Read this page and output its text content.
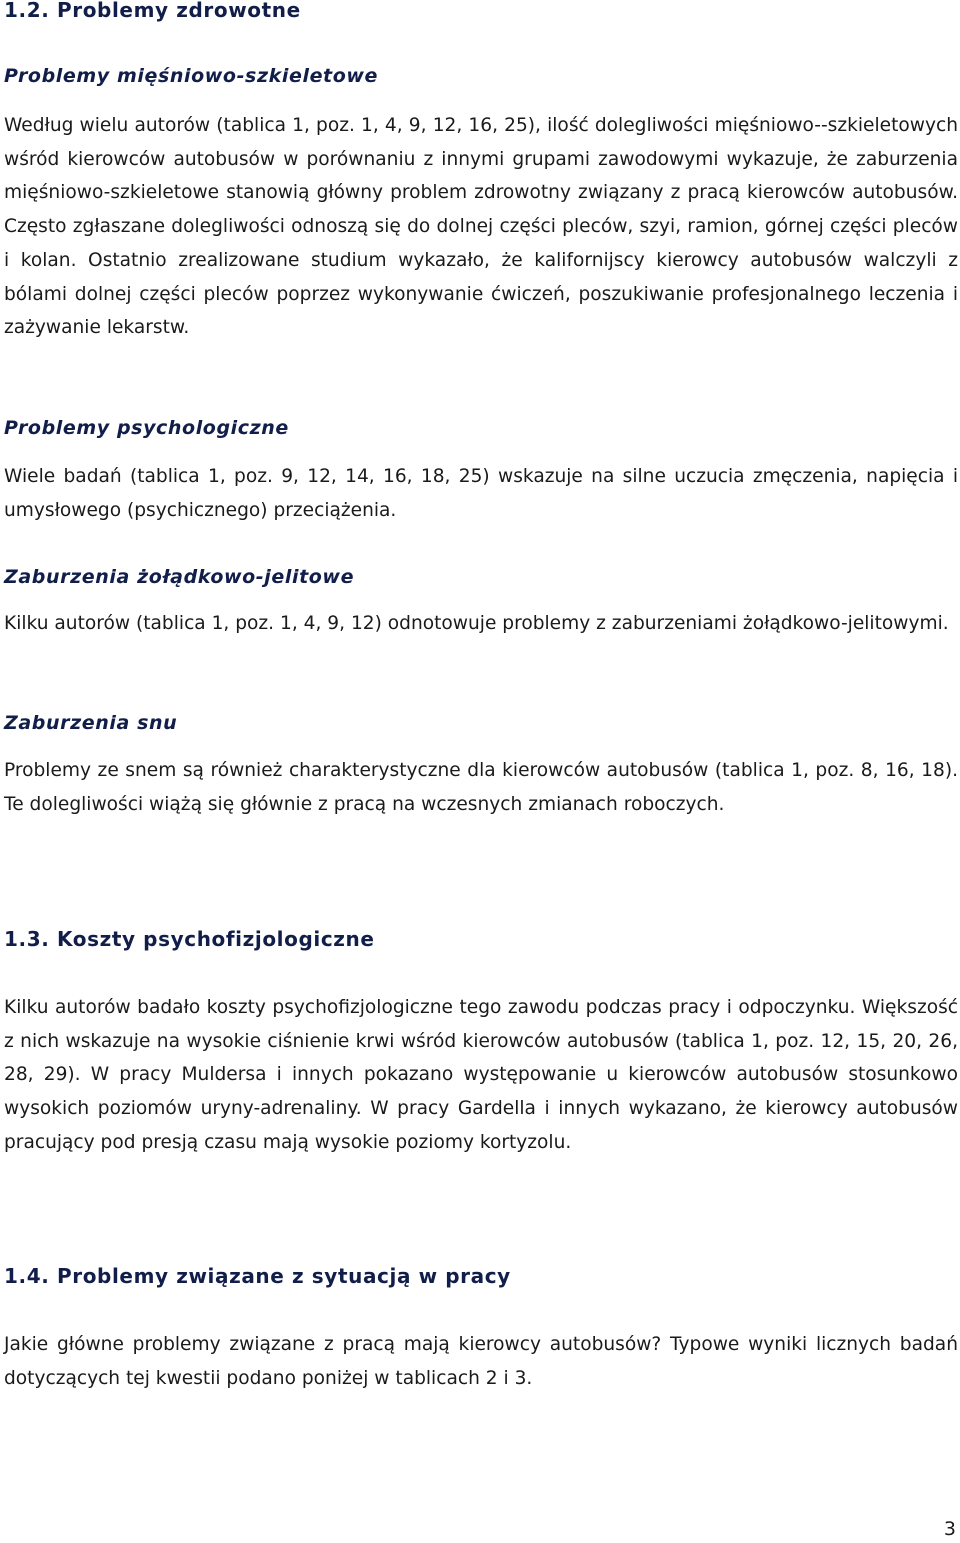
1.2. Problemy zdrowotne
Problemy mięśniowo-szkieletowe

Według wielu autorów (tablica 1, poz. 1, 4, 9, 12, 16, 25), ilość dolegliwości mięśniowo--szkieletowych wśród kierowców autobusów w porównaniu z innymi grupami zawodowymi wykazuje, że zaburzenia mięśniowo-szkieletowe stanowią główny problem zdrowotny związany z pracą kierowców autobusów. Często zgłaszane dolegliwości odnoszą się do dolnej części pleców, szyi, ramion, górnej części pleców i kolan. Ostatnio zrealizowane studium wykazało, że kalifornijscy kierowcy autobusów walczyli z bólami dolnej części pleców poprzez wykonywanie ćwiczeń, poszukiwanie profesjonalnego leczenia i zażywanie lekarstw.

Problemy psychologiczne

Wiele badań (tablica 1, poz. 9, 12, 14, 16, 18, 25) wskazuje na silne uczucia zmęczenia, napięcia i umysłowego (psychicznego) przeciążenia.

Zaburzenia żołądkowo-jelitowe

Kilku autorów (tablica 1, poz. 1, 4, 9, 12) odnotowuje problemy z zaburzeniami żołądkowo-jelitowymi.

Zaburzenia snu

Problemy ze snem są również charakterystyczne dla kierowców autobusów (tablica 1, poz. 8, 16, 18). Te dolegliwości wiążą się głównie z pracą na wczesnych zmianach roboczych.

1.3. Koszty psychofizjologiczne

Kilku autorów badało koszty psychofizjologiczne tego zawodu podczas pracy i odpoczynku. Większość z nich wskazuje na wysokie ciśnienie krwi wśród kierowców autobusów (tablica 1, poz. 12, 15, 20, 26, 28, 29). W pracy Muldersa i innych pokazano występowanie u kierowców autobusów stosunkowo wysokich poziomów uryny-adrenaliny. W pracy Gardella i innych wykazano, że kierowcy autobusów pracujący pod presją czasu mają wysokie poziomy kortyzolu.

1.4. Problemy związane z sytuacją w pracy

Jakie główne problemy związane z pracą mają kierowcy autobusów? Typowe wyniki licznych badań dotyczących tej kwestii podano poniżej w tablicach 2 i 3.

3
